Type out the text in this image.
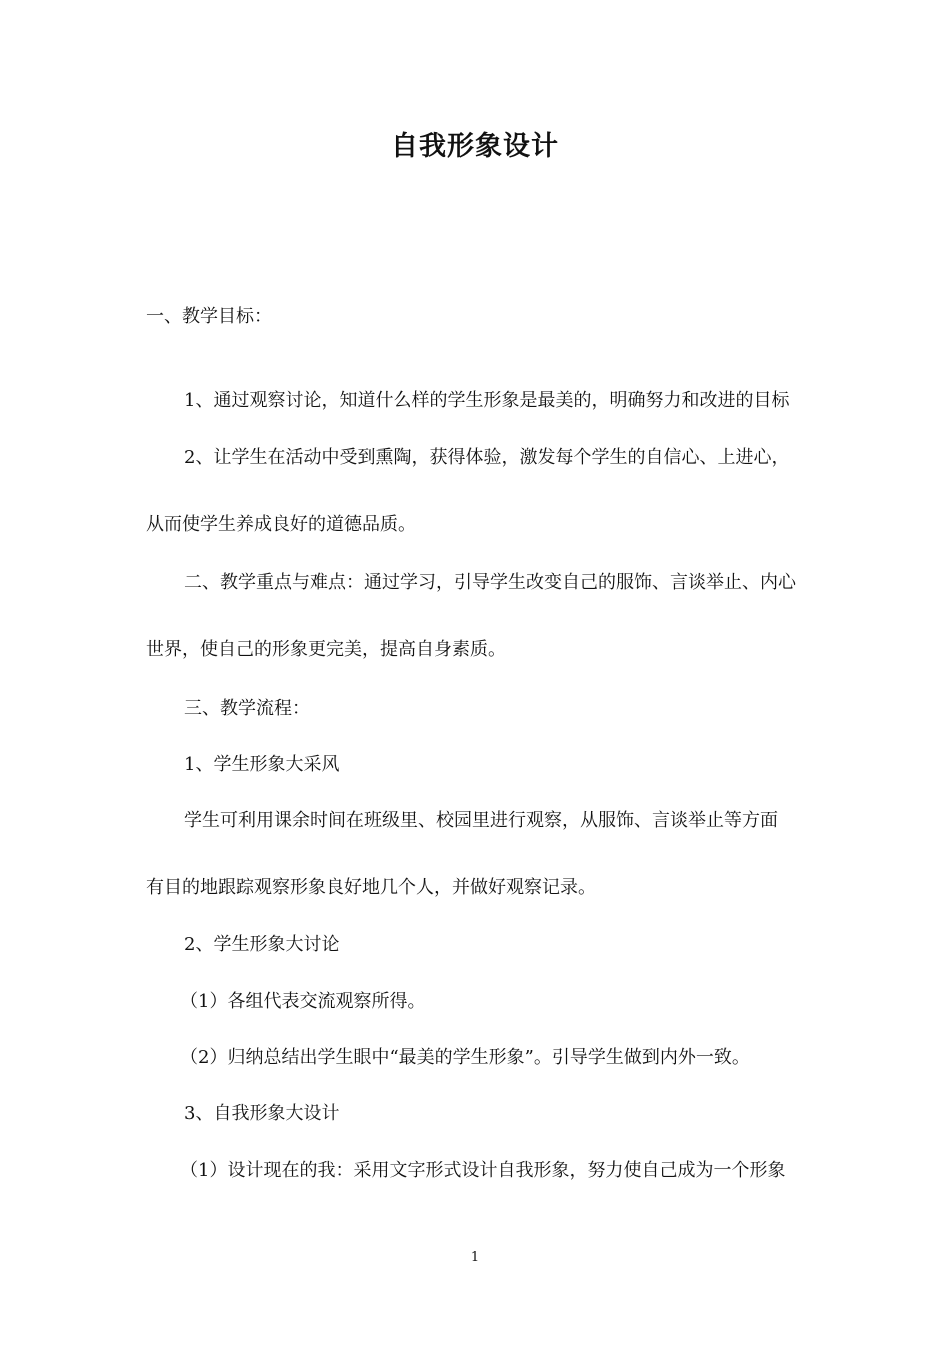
自我形象设计

一、教学目标：

1、通过观察讨论，知道什么样的学生形象是最美的，明确努力和改进的目标

2、让学生在活动中受到熏陶，获得体验，激发每个学生的自信心、上进心，

从而使学生养成良好的道德品质。

二、教学重点与难点：通过学习，引导学生改变自己的服饰、言谈举止、内心

世界，使自己的形象更完美，提高自身素质。

三、教学流程：

1、学生形象大采风

学生可利用课余时间在班级里、校园里进行观察，从服饰、言谈举止等方面

有目的地跟踪观察形象良好地几个人，并做好观察记录。

2、学生形象大讨论

（1）各组代表交流观察所得。

（2）归纳总结出学生眼中“最美的学生形象”。引导学生做到内外一致。

3、自我形象大设计

（1）设计现在的我：采用文字形式设计自我形象，努力使自己成为一个形象

1
